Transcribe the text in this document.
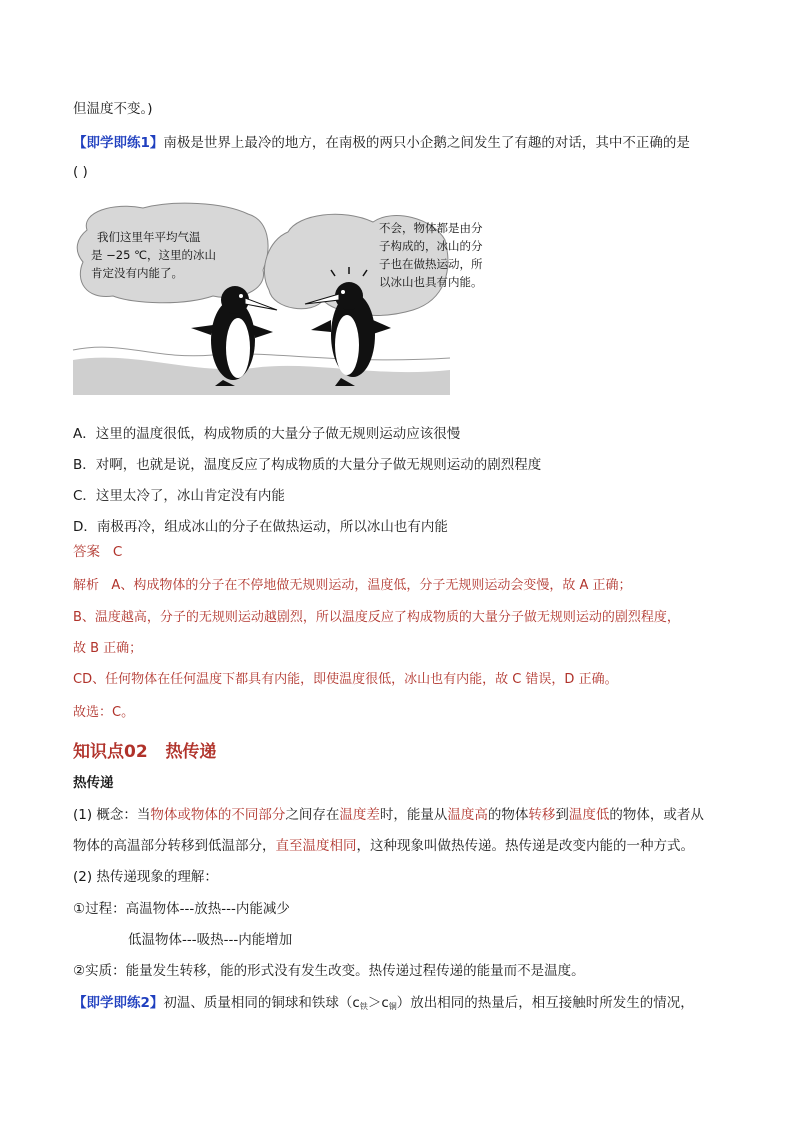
但温度不变。)
【即学即练1】南极是世界上最冷的地方，在南极的两只小企鹅之间发生了有趣的对话，其中不正确的是
( )
我们这里年平均气温
是 −25 ℃，这里的冰山
肯定没有内能了。
不会，物体都是由分
子构成的，冰山的分
子也在做热运动，所
以冰山也具有内能。
A．这里的温度很低，构成物质的大量分子做无规则运动应该很慢
B．对啊，也就是说，温度反应了构成物质的大量分子做无规则运动的剧烈程度
C．这里太冷了，冰山肯定没有内能
D．南极再冷，组成冰山的分子在做热运动，所以冰山也有内能
答案 C
解析 A、构成物体的分子在不停地做无规则运动，温度低，分子无规则运动会变慢，故 A 正确；
B、温度越高，分子的无规则运动越剧烈，所以温度反应了构成物质的大量分子做无规则运动的剧烈程度，
故 B 正确；
CD、任何物体在任何温度下都具有内能，即使温度很低，冰山也有内能，故 C 错误，D 正确。
故选：C。
知识点02 热传递
热传递
(1) 概念：当物体或物体的不同部分之间存在温度差时，能量从温度高的物体转移到温度低的物体，或者从
物体的高温部分转移到低温部分，直至温度相同，这种现象叫做热传递。热传递是改变内能的一种方式。
(2) 热传递现象的理解：
①过程：高温物体---放热---内能减少
低温物体---吸热---内能增加
②实质：能量发生转移，能的形式没有发生改变。热传递过程传递的能量而不是温度。
【即学即练2】初温、质量相同的铜球和铁球（c铁＞c铜）放出相同的热量后，相互接触时所发生的情况，
